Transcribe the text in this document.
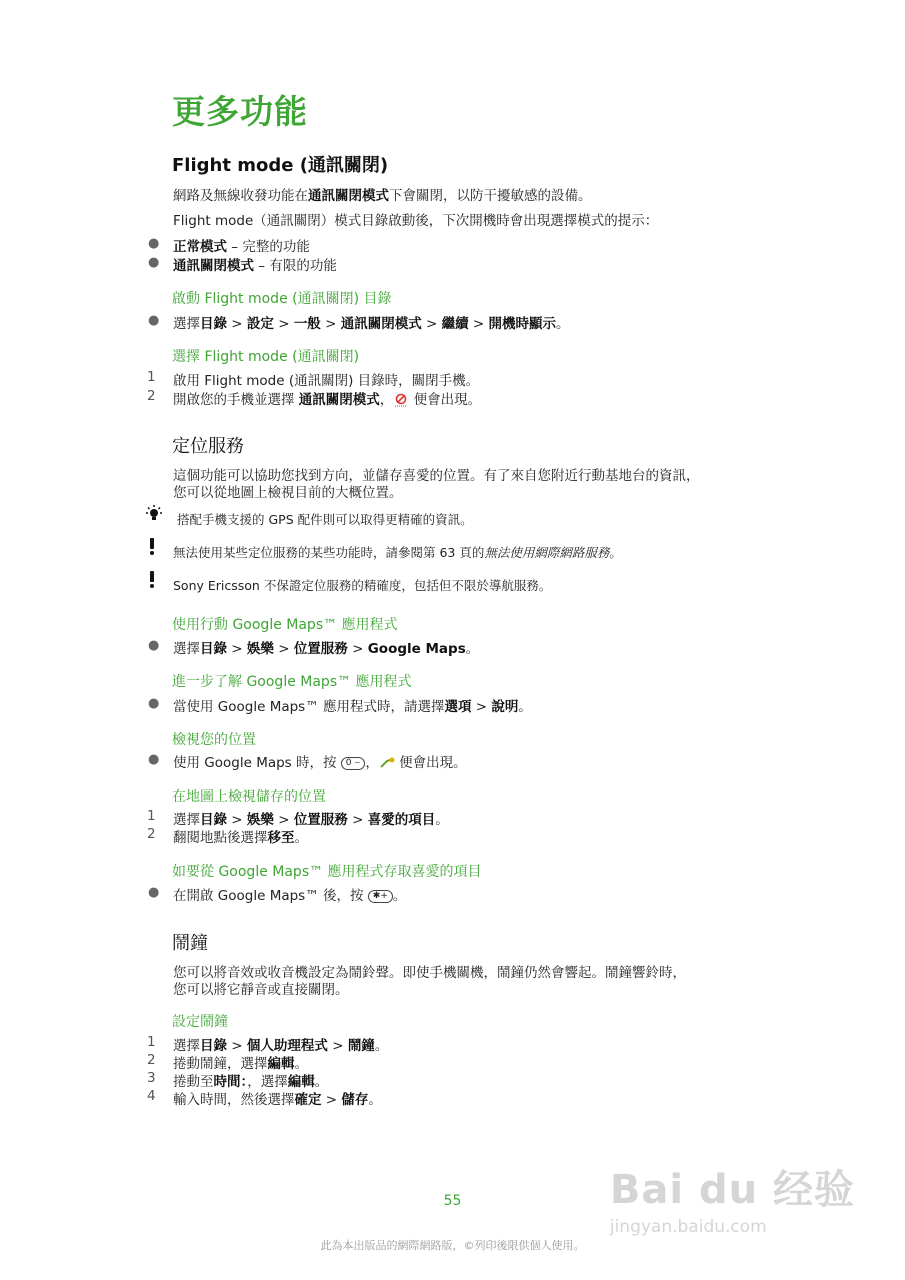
更多功能
Flight mode (通訊關閉)
網路及無線收發功能在通訊關閉模式下會關閉，以防干擾敏感的設備。
Flight mode（通訊關閉）模式目錄啟動後，下次開機時會出現選擇模式的提示：
● 正常模式 – 完整的功能
● 通訊關閉模式 – 有限的功能
啟動 Flight mode (通訊關閉) 目錄
● 選擇目錄 > 設定 > 一般 > 通訊關閉模式 > 繼續 > 開機時顯示。
選擇 Flight mode (通訊關閉)
1 啟用 Flight mode (通訊關閉) 目錄時，關閉手機。
2 開啟您的手機並選擇 通訊關閉模式， 便會出現。
定位服務
這個功能可以協助您找到方向，並儲存喜愛的位置。有了來自您附近行動基地台的資訊，
您可以從地圖上檢視目前的大概位置。
搭配手機支援的 GPS 配件則可以取得更精確的資訊。
無法使用某些定位服務的某些功能時，請參閱第 63 頁的無法使用網際網路服務。
Sony Ericsson 不保證定位服務的精確度，包括但不限於導航服務。
使用行動 Google Maps™ 應用程式
● 選擇目錄 > 娛樂 > 位置服務 > Google Maps。
進一步了解 Google Maps™ 應用程式
● 當使用 Google Maps™ 應用程式時，請選擇選項 > 說明。
檢視您的位置
● 使用 Google Maps 時，按 0 ⌣ ， 便會出現。
在地圖上檢視儲存的位置
1 選擇目錄 > 娛樂 > 位置服務 > 喜愛的項目。
2 翻閱地點後選擇移至。
如要從 Google Maps™ 應用程式存取喜愛的項目
● 在開啟 Google Maps™ 後，按 ✱+ 。
鬧鐘
您可以將音效或收音機設定為鬧鈴聲。即使手機關機，鬧鐘仍然會響起。鬧鐘響鈴時，
您可以將它靜音或直接關閉。
設定鬧鐘
1 選擇目錄 > 個人助理程式 > 鬧鐘。
2 捲動鬧鐘，選擇編輯。
3 捲動至時間：，選擇編輯。
4 輸入時間，然後選擇確定 > 儲存。
55
此為本出版品的網際網路版，©列印後限供個人使用。
Bai du 经验
jingyan.baidu.com
